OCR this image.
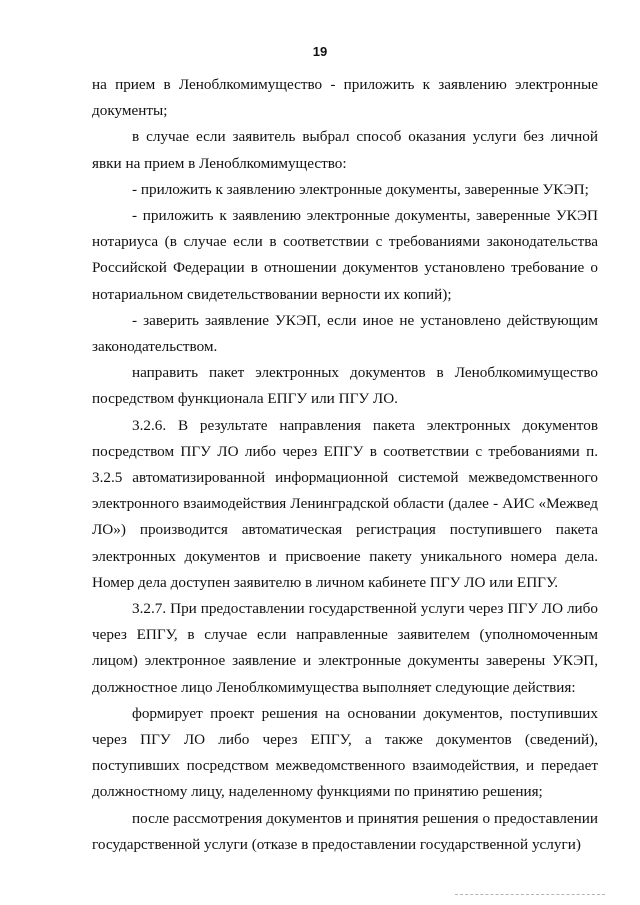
19

на прием в Леноблкомимущество - приложить к заявлению электронные документы;

в случае если заявитель выбрал способ оказания услуги без личной явки на прием в Леноблкомимущество:

- приложить к заявлению электронные документы, заверенные УКЭП;

- приложить к заявлению электронные документы, заверенные УКЭП нотариуса (в случае если в соответствии с требованиями законодательства Российской Федерации в отношении документов установлено требование о нотариальном свидетельствовании верности их копий);

- заверить заявление УКЭП, если иное не установлено действующим законодательством.

направить пакет электронных документов в Леноблкомимущество посредством функционала ЕПГУ или ПГУ ЛО.

3.2.6. В результате направления пакета электронных документов посредством ПГУ ЛО либо через ЕПГУ в соответствии с требованиями п. 3.2.5 автоматизированной информационной системой межведомственного электронного взаимодействия Ленинградской области (далее - АИС «Межвед ЛО») производится автоматическая регистрация поступившего пакета электронных документов и присвоение пакету уникального номера дела. Номер дела доступен заявителю в личном кабинете ПГУ ЛО или ЕПГУ.

3.2.7. При предоставлении государственной услуги через ПГУ ЛО либо через ЕПГУ, в случае если направленные заявителем (уполномоченным лицом) электронное заявление и электронные документы заверены УКЭП, должностное лицо Леноблкомимущества выполняет следующие действия:

формирует проект решения на основании документов, поступивших через ПГУ ЛО либо через ЕПГУ, а также документов (сведений), поступивших посредством межведомственного взаимодействия, и передает должностному лицу, наделенному функциями по принятию решения;

после рассмотрения документов и принятия решения о предоставлении государственной услуги (отказе в предоставлении государственной услуги)
